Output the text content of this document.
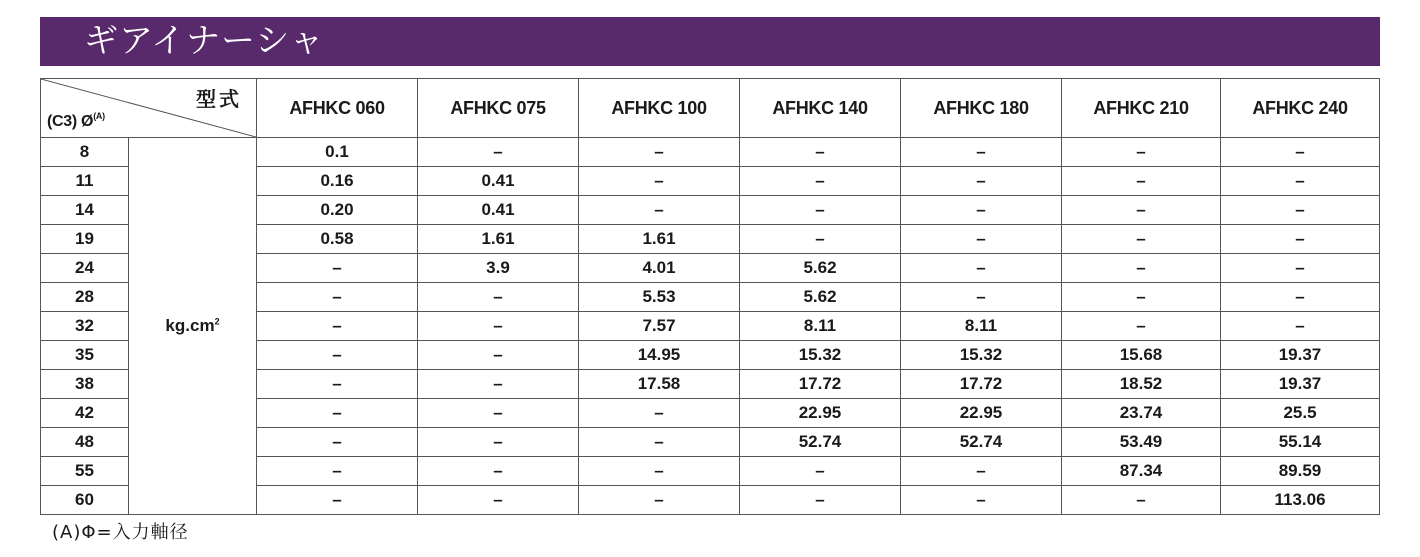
ギアイナーシャ
型式
(C3) $Ø^{(A)}$		AFHKC 060	AFHKC 075	AFHKC 100	AFHKC 140	AFHKC 180	AFHKC 210	AFHKC 240
8	$kg.cm^2$	0.1	–	–	–	–	–	–
11		0.16	0.41	–	–	–	–	–
14		0.20	0.41	–	–	–	–	–
19		0.58	1.61	1.61	–	–	–	–
24		–	3.9	4.01	5.62	–	–	–
28		–	–	5.53	5.62	–	–	–
32		–	–	7.57	8.11	8.11	–	–
35		–	–	14.95	15.32	15.32	15.68	19.37
38		–	–	17.58	17.72	17.72	18.52	19.37
42		–	–	–	22.95	22.95	23.74	25.5
48		–	–	–	52.74	52.74	53.49	55.14
55		–	–	–	–	–	87.34	89.59
60		–	–	–	–	–	–	113.06
(A)Φ=入力軸径
